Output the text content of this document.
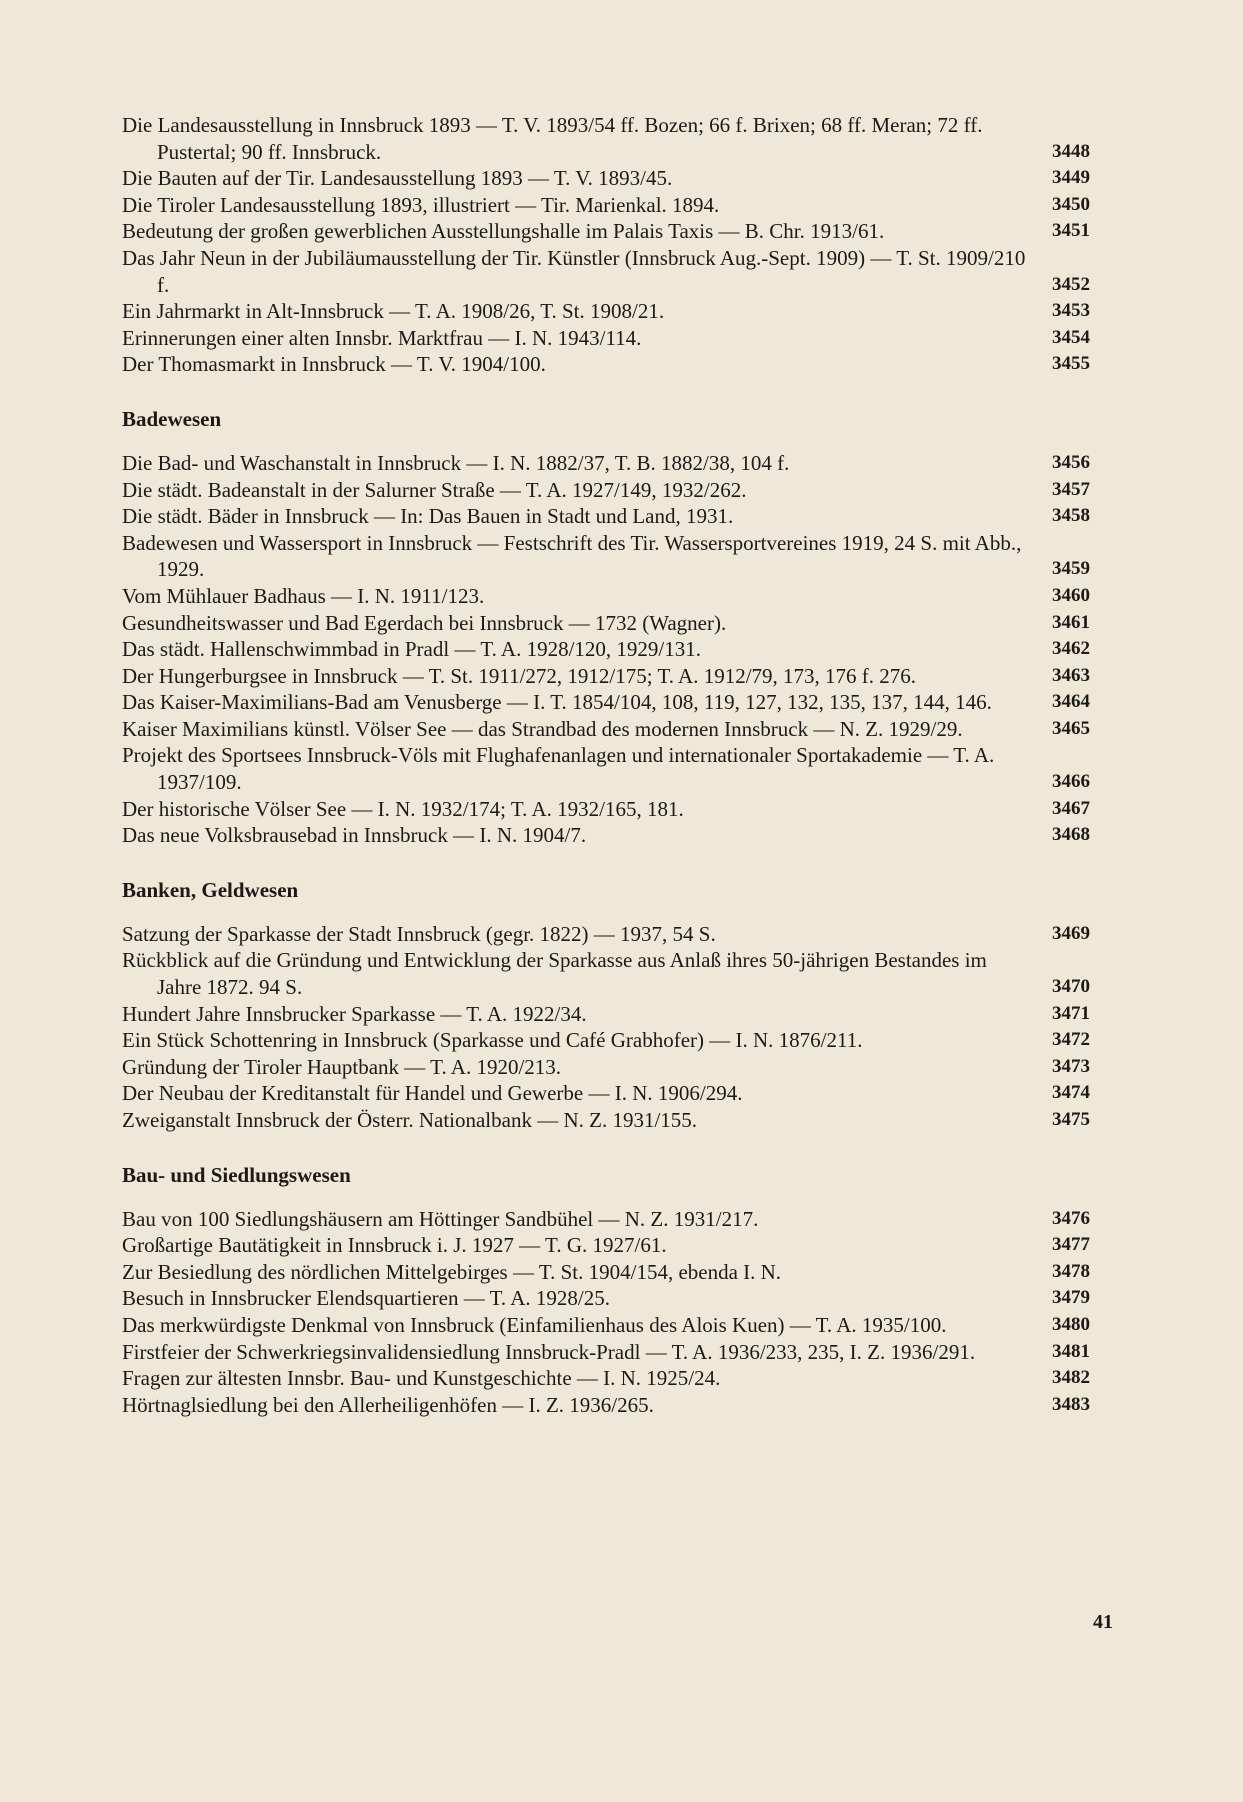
Die Landesausstellung in Innsbruck 1893 — T. V. 1893/54 ff. Bozen; 66 f. Brixen; 68 ff. Meran; 72 ff. Pustertal; 90 ff. Innsbruck.	3448
Die Bauten auf der Tir. Landesausstellung 1893 — T. V. 1893/45.	3449
Die Tiroler Landesausstellung 1893, illustriert — Tir. Marienkal. 1894.	3450
Bedeutung der großen gewerblichen Ausstellungshalle im Palais Taxis — B. Chr. 1913/61.	3451
Das Jahr Neun in der Jubiläumausstellung der Tir. Künstler (Innsbruck Aug.-Sept. 1909) — T. St. 1909/210 f.	3452
Ein Jahrmarkt in Alt-Innsbruck — T. A. 1908/26, T. St. 1908/21.	3453
Erinnerungen einer alten Innsbr. Marktfrau — I. N. 1943/114.	3454
Der Thomasmarkt in Innsbruck — T. V. 1904/100.	3455
Badewesen
Die Bad- und Waschanstalt in Innsbruck — I. N. 1882/37, T. B. 1882/38, 104 f.	3456
Die städt. Badeanstalt in der Salurner Straße — T. A. 1927/149, 1932/262.	3457
Die städt. Bäder in Innsbruck — In: Das Bauen in Stadt und Land, 1931.	3458
Badewesen und Wassersport in Innsbruck — Festschrift des Tir. Wassersportvereines 1919, 24 S. mit Abb., 1929.	3459
Vom Mühlauer Badhaus — I. N. 1911/123.	3460
Gesundheitswasser und Bad Egerdach bei Innsbruck — 1732 (Wagner).	3461
Das städt. Hallenschwimmbad in Pradl — T. A. 1928/120, 1929/131.	3462
Der Hungerburgsee in Innsbruck — T. St. 1911/272, 1912/175; T. A. 1912/79, 173, 176 f. 276.	3463
Das Kaiser-Maximilians-Bad am Venusberge — I. T. 1854/104, 108, 119, 127, 132, 135, 137, 144, 146.	3464
Kaiser Maximilians künstl. Völser See — das Strandbad des modernen Innsbruck — N. Z. 1929/29.	3465
Projekt des Sportsees Innsbruck-Völs mit Flughafenanlagen und internationaler Sportakademie — T. A. 1937/109.	3466
Der historische Völser See — I. N. 1932/174; T. A. 1932/165, 181.	3467
Das neue Volksbrausebad in Innsbruck — I. N. 1904/7.	3468
Banken, Geldwesen
Satzung der Sparkasse der Stadt Innsbruck (gegr. 1822) — 1937, 54 S.	3469
Rückblick auf die Gründung und Entwicklung der Sparkasse aus Anlaß ihres 50-jährigen Bestandes im Jahre 1872. 94 S.	3470
Hundert Jahre Innsbrucker Sparkasse — T. A. 1922/34.	3471
Ein Stück Schottenring in Innsbruck (Sparkasse und Café Grabhofer) — I. N. 1876/211.	3472
Gründung der Tiroler Hauptbank — T. A. 1920/213.	3473
Der Neubau der Kreditanstalt für Handel und Gewerbe — I. N. 1906/294.	3474
Zweiganstalt Innsbruck der Österr. Nationalbank — N. Z. 1931/155.	3475
Bau- und Siedlungswesen
Bau von 100 Siedlungshäusern am Höttinger Sandbühel — N. Z. 1931/217.	3476
Großartige Bautätigkeit in Innsbruck i. J. 1927 — T. G. 1927/61.	3477
Zur Besiedlung des nördlichen Mittelgebirges — T. St. 1904/154, ebenda I. N.	3478
Besuch in Innsbrucker Elendsquartieren — T. A. 1928/25.	3479
Das merkwürdigste Denkmal von Innsbruck (Einfamilienhaus des Alois Kuen) — T. A. 1935/100.	3480
Firstfeier der Schwerkriegsinvalidensiedlung Innsbruck-Pradl — T. A. 1936/233, 235, I. Z. 1936/291.	3481
Fragen zur ältesten Innsbr. Bau- und Kunstgeschichte — I. N. 1925/24.	3482
Hörtnaglsiedlung bei den Allerheiligenhöfen — I. Z. 1936/265.	3483
41
